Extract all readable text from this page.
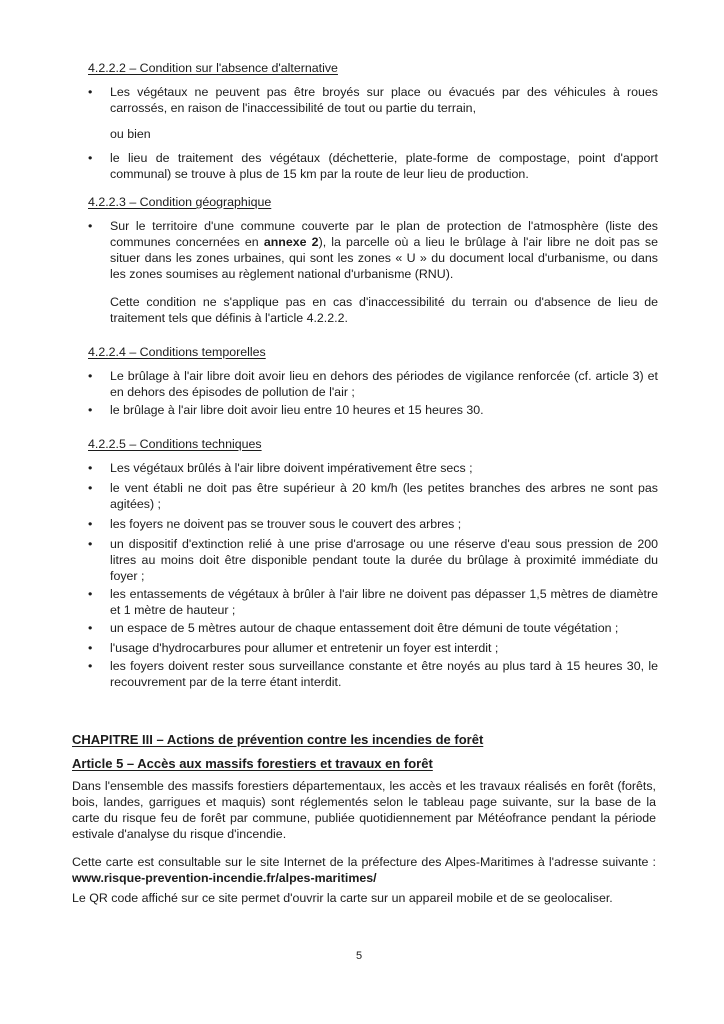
4.2.2.2 – Condition sur l'absence d'alternative
• Les végétaux ne peuvent pas être broyés sur place ou évacués par des véhicules à roues carrossés, en raison de l'inaccessibilité de tout ou partie du terrain,
ou bien
• le lieu de traitement des végétaux (déchetterie, plate-forme de compostage, point d'apport communal) se trouve à plus de 15 km par la route de leur lieu de production.
4.2.2.3 – Condition géographique
• Sur le territoire d'une commune couverte par le plan de protection de l'atmosphère (liste des communes concernées en annexe 2), la parcelle où a lieu le brûlage à l'air libre ne doit pas se situer dans les zones urbaines, qui sont les zones « U » du document local d'urbanisme, ou dans les zones soumises au règlement national d'urbanisme (RNU).
Cette condition ne s'applique pas en cas d'inaccessibilité du terrain ou d'absence de lieu de traitement tels que définis à l'article 4.2.2.2.
4.2.2.4 – Conditions temporelles
• Le brûlage à l'air libre doit avoir lieu en dehors des périodes de vigilance renforcée (cf. article 3) et en dehors des épisodes de pollution de l'air ;
• le brûlage à l'air libre doit avoir lieu entre 10 heures et 15 heures 30.
4.2.2.5 – Conditions techniques
• Les végétaux brûlés à l'air libre doivent impérativement être secs ;
• le vent établi ne doit pas être supérieur à 20 km/h (les petites branches des arbres ne sont pas agitées) ;
• les foyers ne doivent pas se trouver sous le couvert des arbres ;
• un dispositif d'extinction relié à une prise d'arrosage ou une réserve d'eau sous pression de 200 litres au moins doit être disponible pendant toute la durée du brûlage à proximité immédiate du foyer ;
• les entassements de végétaux à brûler à l'air libre ne doivent pas dépasser 1,5 mètres de diamètre et 1 mètre de hauteur ;
• un espace de 5 mètres autour de chaque entassement doit être démuni de toute végétation ;
• l'usage d'hydrocarbures pour allumer et entretenir un foyer est interdit ;
• les foyers doivent rester sous surveillance constante et être noyés au plus tard à 15 heures 30, le recouvrement par de la terre étant interdit.
CHAPITRE III – Actions de prévention contre les incendies de forêt
Article 5 – Accès aux massifs forestiers et travaux en forêt
Dans l'ensemble des massifs forestiers départementaux, les accès et les travaux réalisés en forêt (forêts, bois, landes, garrigues et maquis) sont réglementés selon le tableau page suivante, sur la base de la carte du risque feu de forêt par commune, publiée quotidiennement par Météofrance pendant la période estivale d'analyse du risque d'incendie.
Cette carte est consultable sur le site Internet de la préfecture des Alpes-Maritimes à l'adresse suivante : www.risque-prevention-incendie.fr/alpes-maritimes/
Le QR code affiché sur ce site permet d'ouvrir la carte sur un appareil mobile et de se geolocaliser.
5
